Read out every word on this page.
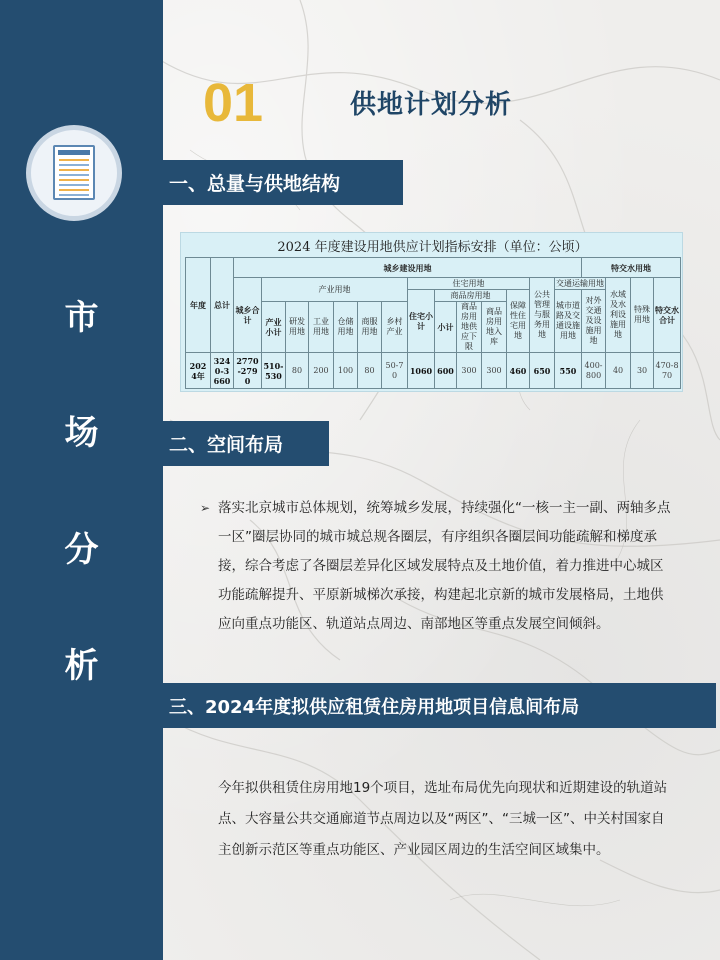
市
场
分
析
01	供地计划分析
一、总量与供地结构
2024 年度建设用地供应计划指标安排（单位：公顷）
年度	总计	城乡建设用地														特交水用地			
		城乡合计	产业用地						住宅用地					公共管理与服务用地	交通运输用地		水域及水利设施用地	特殊用地	特交水合计
									住宅小计	商品房用地			保障性住宅用地		城市道路及交通设施用地	对外交通及设施用地			
			产业小计	研发用地	工业用地	仓储用地	商服用地	乡村产业		小计	商品房用地供应下限	商品房用地入库							
2024年	3240-3660	2770-2790	510-530	80	200	100	80	50-70	1060	600	300	300	460	650	550	400-800	40	30	470-870
二、空间布局
➢ 落实北京城市总体规划，统筹城乡发展，持续强化“一核一主一副、两轴多点一区”圈层协同的城市城总规各圈层，有序组织各圈层间功能疏解和梯度承接，综合考虑了各圈层差异化区域发展特点及土地价值，着力推进中心城区功能疏解提升、平原新城梯次承接，构建起北京新的城市发展格局，土地供应向重点功能区、轨道站点周边、南部地区等重点发展空间倾斜。
三、2024年度拟供应租赁住房用地项目信息间布局
今年拟供租赁住房用地19个项目，选址布局优先向现状和近期建设的轨道站点、大容量公共交通廊道节点周边以及“两区”、“三城一区”、中关村国家自主创新示范区等重点功能区、产业园区周边的生活空间区域集中。
